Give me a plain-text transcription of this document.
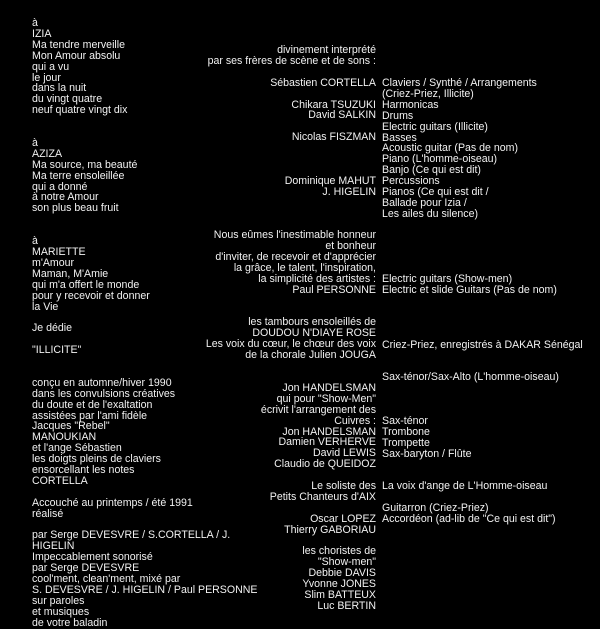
à
IZIA
Ma tendre merveille
Mon Amour absolu
qui a vu
le jour
dans la nuit
du vingt quatre
neuf quatre vingt dix
à
AZIZA
Ma source, ma beauté
Ma terre ensoleillée
qui a donné
à notre Amour
son plus beau fruit
à
MARIETTE
m'Amour
Maman, M'Amie
qui m'a offert le monde
pour y recevoir et donner
la Vie
Je dédie
"ILLICITE"
conçu en automne/hiver 1990
dans les convulsions créatives
du doute et de l'exaltation
assistées par l'ami fidèle
Jacques "Rebel"
MANOUKIAN
et l'ange Sébastien
les doigts pleins de claviers
ensorcellant les notes
CORTELLA
Accouché au printemps / été 1991
réalisé
par Serge DEVESVRE / S.CORTELLA / J.
HIGELIN
Impeccablement sonorisé
par Serge DEVESVRE
cool'ment, clean'ment, mixé par
S. DEVESVRE / J. HIGELIN / Paul PERSONNE
sur paroles
et musiques
de votre baladin
divinement interprété
par ses frères de scène et de sons :
Sébastien CORTELLA
Chikara TSUZUKI
David SALKIN
Nicolas FISZMAN
Dominique MAHUT
J. HIGELIN
Nous eûmes l'inestimable honneur
et bonheur
d'inviter, de recevoir et d'apprécier
la grâce, le talent, l'inspiration,
la simplicité des artistes :
Paul PERSONNE
les tambours ensoleillés de
DOUDOU N'DIAYE ROSE
Les voix du cœur, le chœur des voix
de la chorale Julien JOUGA
Jon HANDELSMAN
qui pour "Show-Men"
écrivit l'arrangement des
Cuivres :
Jon HANDELSMAN
Damien VERHERVE
David LEWIS
Claudio de QUEIDOZ
Le soliste des
Petits Chanteurs d'AIX
Oscar LOPEZ
Thierry GABORIAU
les choristes de
"Show-men"
Debbie DAVIS
Yvonne JONES
Slim BATTEUX
Luc BERTIN
Claviers / Synthé / Arrangements
(Criez-Priez, Illicite)
Harmonicas
Drums
Electric guitars (Illicite)
Basses
Acoustic guitar (Pas de nom)
Piano (L'homme-oiseau)
Banjo (Ce qui est dit)
Percussions
Pianos (Ce qui est dit /
Ballade pour Izia /
Les ailes du silence)
Electric guitars (Show-men)
Electric et slide Guitars (Pas de nom)
Criez-Priez, enregistrés à DAKAR Sénégal
Sax-ténor/Sax-Alto (L'homme-oiseau)
Sax-ténor
Trombone
Trompette
Sax-baryton / Flûte
La voix d'ange de L'Homme-oiseau
Guitarron (Criez-Priez)
Accordéon (ad-lib de "Ce qui est dit")
